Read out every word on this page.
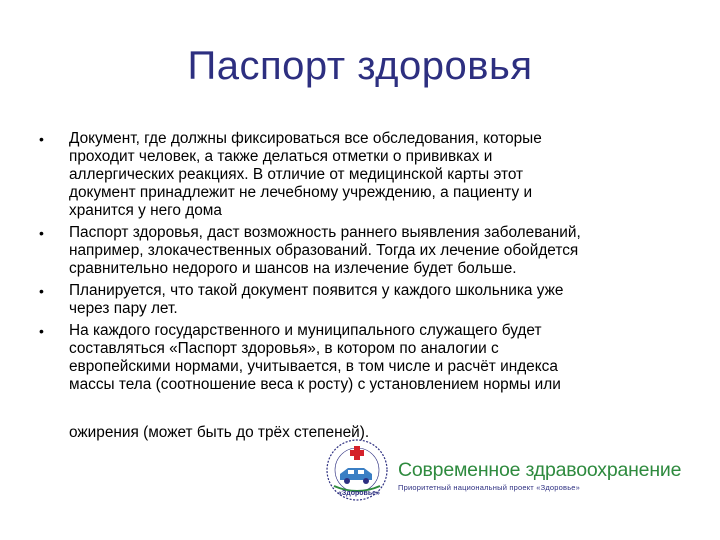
Паспорт здоровья
• Документ, где должны фиксироваться все обследования, которые
проходит человек, а также делаться отметки о прививках и
аллергических реакциях. В отличие от медицинской карты этот
документ принадлежит не лечебному учреждению, а пациенту и
хранится у него дома
• Паспорт здоровья, даст возможность раннего выявления заболеваний,
например, злокачественных образований. Тогда их лечение обойдется
сравнительно недорого и шансов на излечение будет больше.
• Планируется, что такой документ появится у каждого школьника уже
через пару лет.
• На каждого государственного и муниципального служащего будет
составляться «Паспорт здоровья», в котором по аналогии с
европейскими нормами, учитывается, в том числе и расчёт индекса
массы тела (соотношение веса к росту) с установлением нормы или
ожирения (может быть до трёх степеней).
«Здоровье»
Современное здравоохранение
Приоритетный национальный проект «Здоровье»
